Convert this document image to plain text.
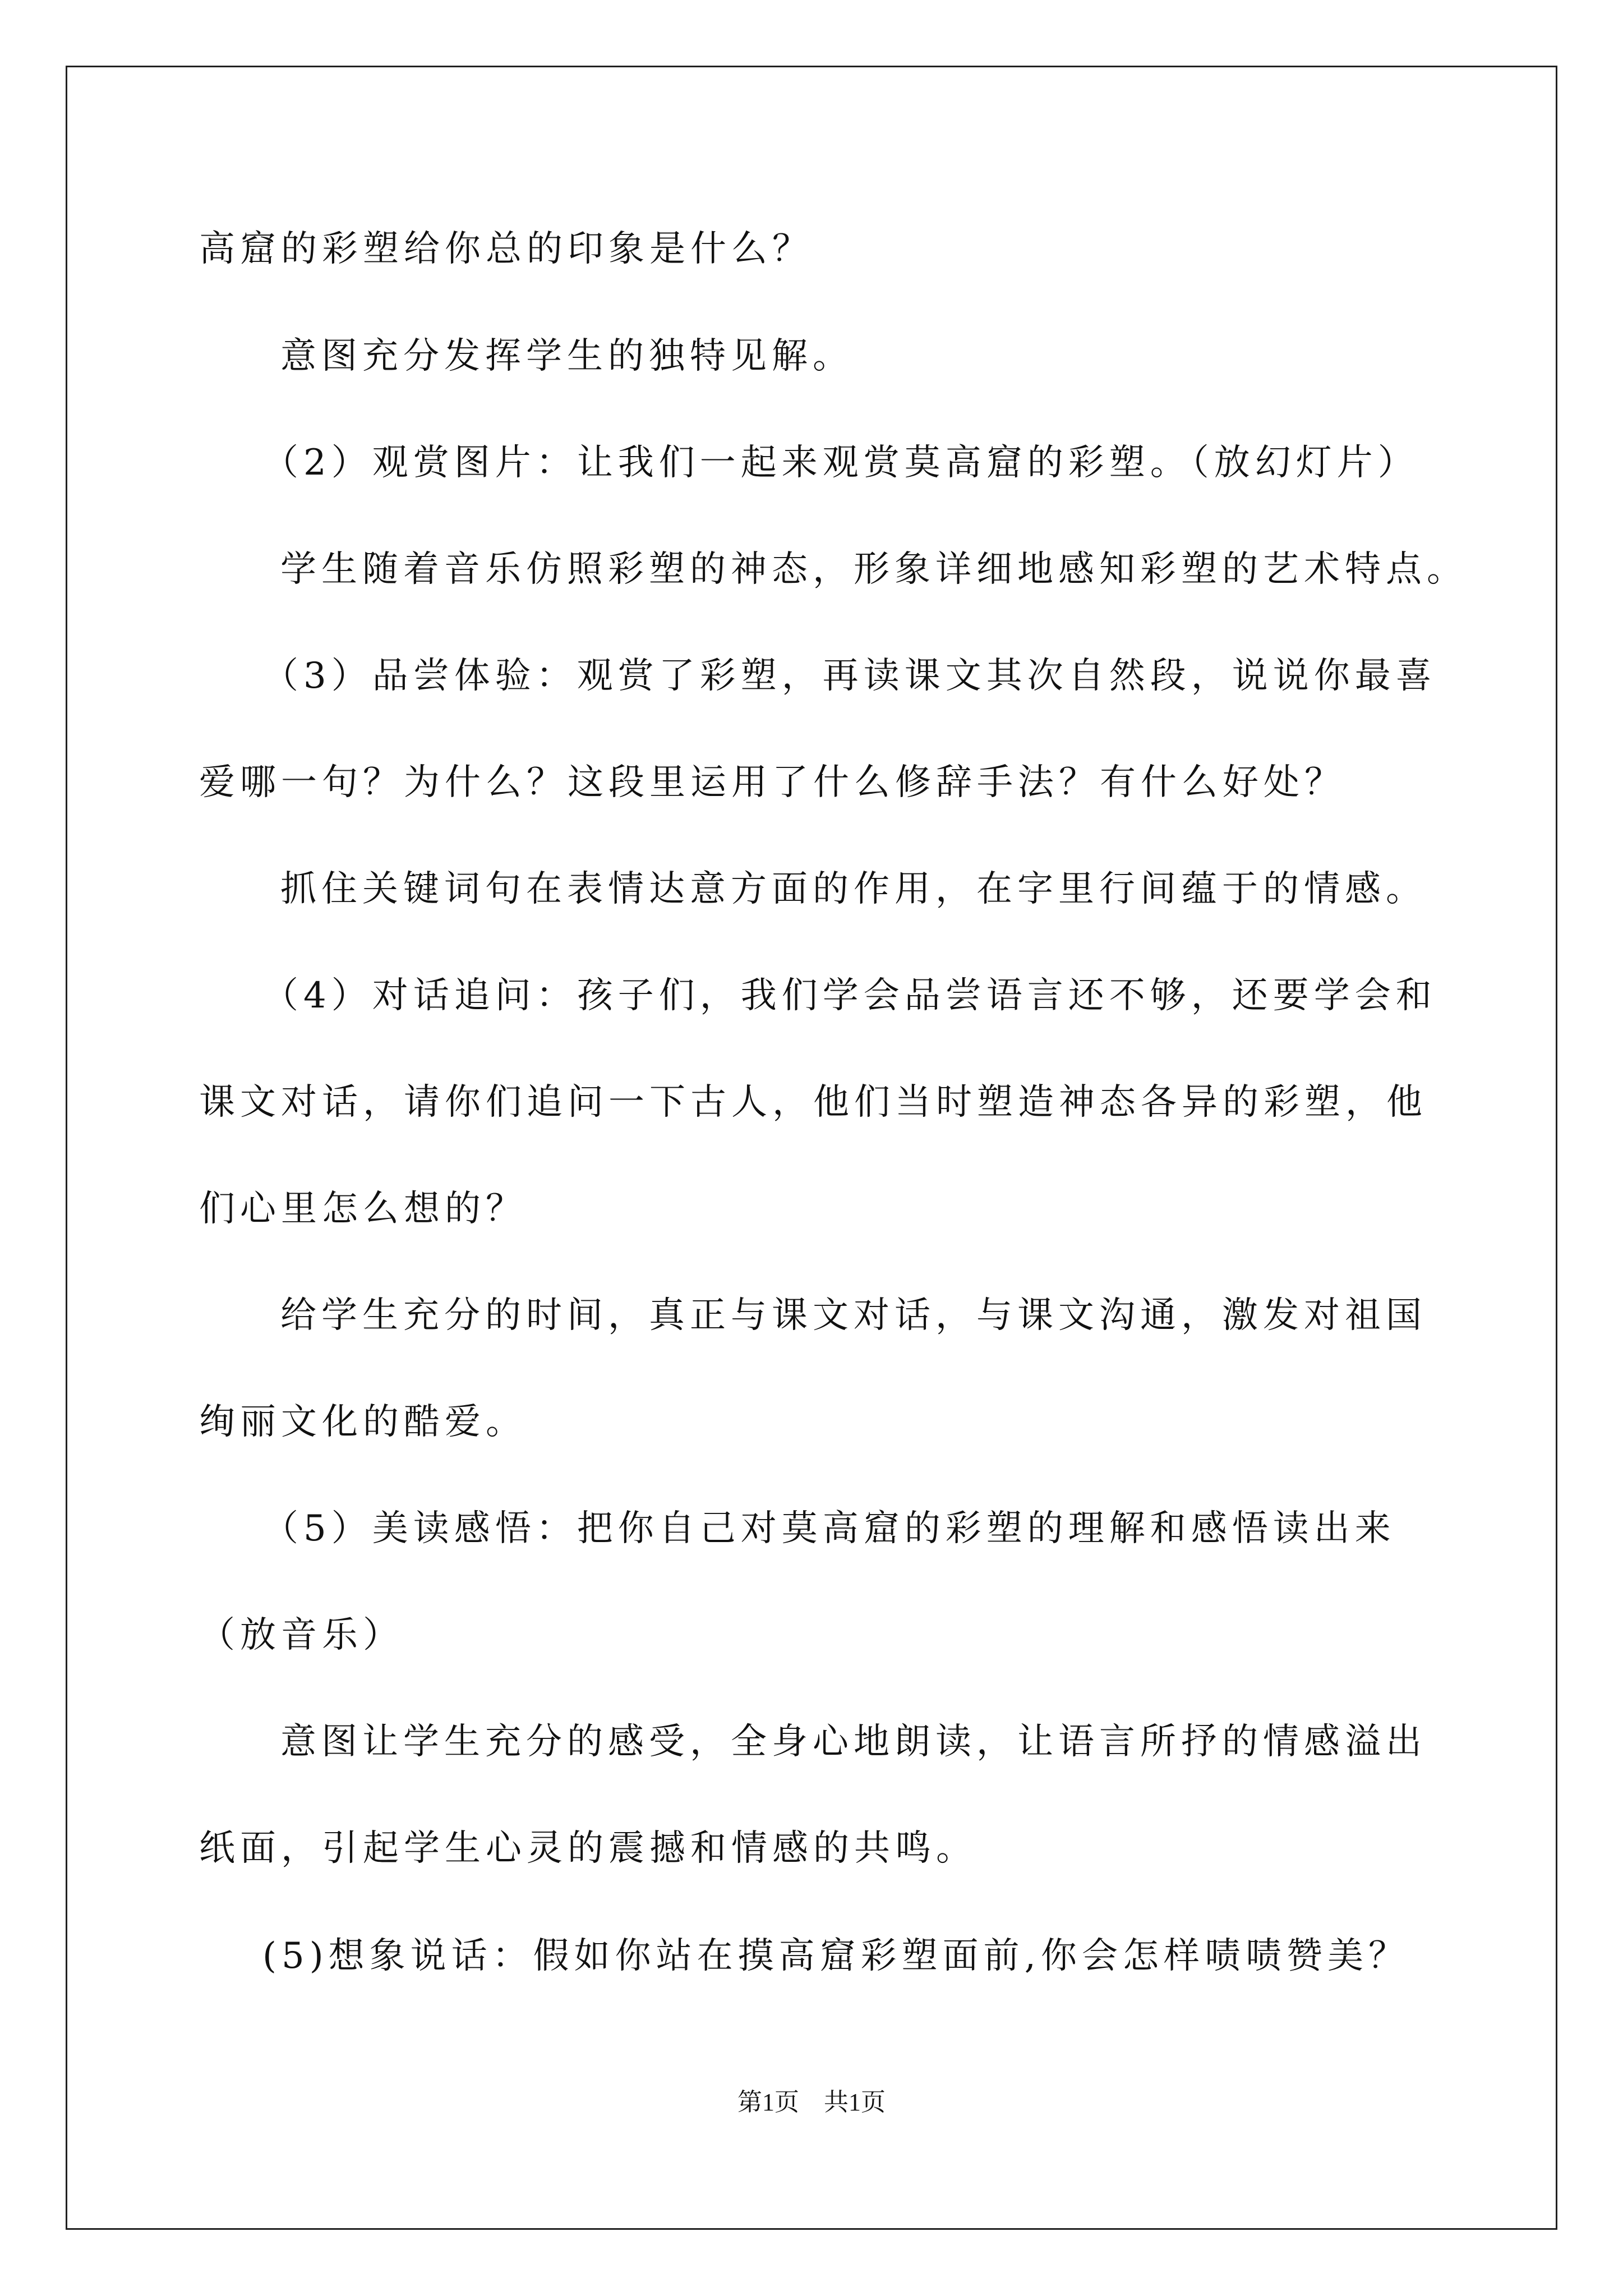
高窟的彩塑给你总的印象是什么？
意图充分发挥学生的独特见解。
（2）观赏图片：让我们一起来观赏莫高窟的彩塑。（放幻灯片）
学生随着音乐仿照彩塑的神态，形象详细地感知彩塑的艺术特点。
（3）品尝体验：观赏了彩塑，再读课文其次自然段，说说你最喜
爱哪一句？为什么？这段里运用了什么修辞手法？有什么好处？
抓住关键词句在表情达意方面的作用，在字里行间蕴于的情感。
（4）对话追问：孩子们，我们学会品尝语言还不够，还要学会和
课文对话，请你们追问一下古人，他们当时塑造神态各异的彩塑，他
们心里怎么想的？
给学生充分的时间，真正与课文对话，与课文沟通，激发对祖国
绚丽文化的酷爱。
（5）美读感悟：把你自己对莫高窟的彩塑的理解和感悟读出来
（放音乐）
意图让学生充分的感受，全身心地朗读，让语言所抒的情感溢出
纸面，引起学生心灵的震撼和情感的共鸣。
(5)想象说话：假如你站在摸高窟彩塑面前,你会怎样啧啧赞美？
第1页　共1页
